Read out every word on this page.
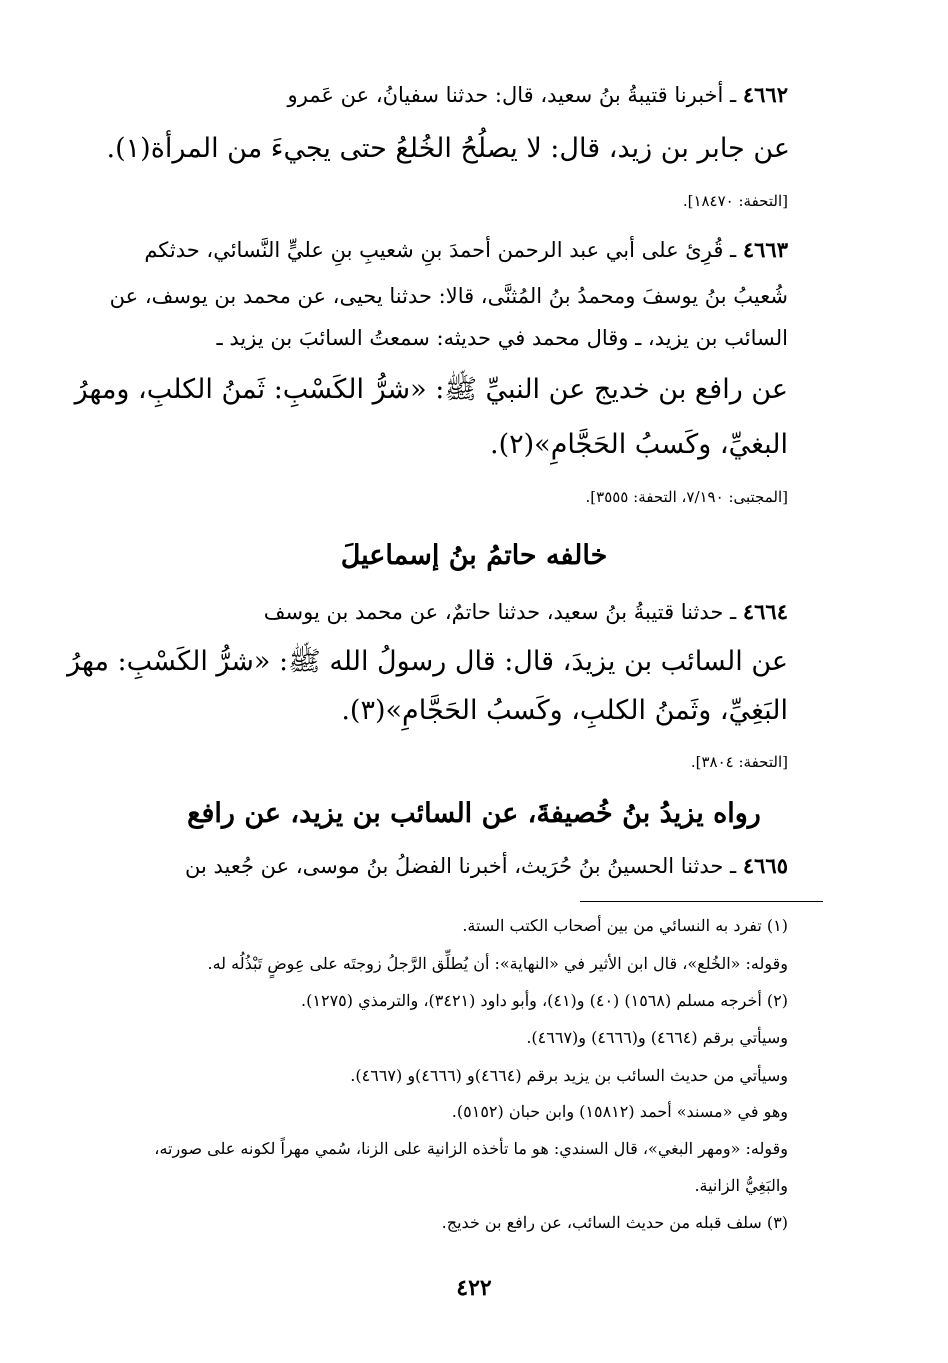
٤٦٦٢ ـ أخبرنا قتيبةُ بنُ سعيد، قال: حدثنا سفيانُ، عن عَمرو
عن جابر بن زيد، قال: لا يصلُحُ الخُلعُ حتى يجيءَ من المرأة(١).
[التحفة: ١٨٤٧٠].
٤٦٦٣ ـ قُرِئ على أبي عبد الرحمن أحمدَ بنِ شعيبِ بنِ عليٍّ النَّسائي، حدثكم
شُعيبُ بنُ يوسفَ ومحمدُ بنُ المُثنَّى، قالا: حدثنا يحيى، عن محمد بن يوسف، عن
السائب بن يزيد، ـ وقال محمد في حديثه: سمعتُ السائبَ بن يزيد ـ
عن رافع بن خديج عن النبيِّ ﷺ: «شرُّ الكَسْبِ: ثَمنُ الكلبِ، ومهرُ
البغيِّ، وكَسبُ الحَجَّامِ»(٢).
[المجتبى: ٧/١٩٠، التحفة: ٣٥٥٥].
خالفه حاتمُ بنُ إسماعيلَ
٤٦٦٤ ـ حدثنا قتيبةُ بنُ سعيد، حدثنا حاتمٌ، عن محمد بن يوسف
عن السائب بن يزيدَ، قال: قال رسولُ الله ﷺ: «شرُّ الكَسْبِ: مهرُ
البَغِيِّ، وثَمنُ الكلبِ، وكَسبُ الحَجَّامِ»(٣).
[التحفة: ٣٨٠٤].
رواه يزيدُ بنُ خُصيفةَ، عن السائب بن يزيد، عن رافع
٤٦٦٥ ـ حدثنا الحسينُ بنُ حُرَيث، أخبرنا الفضلُ بنُ موسى، عن جُعيد بن
(١) تفرد به النسائي من بين أصحاب الكتب الستة.
وقوله: «الخُلع»، قال ابن الأثير في «النهاية»: أن يُطلِّق الرَّجلُ زوجتَه على عِوضٍ تَبْذُلُه له.
(٢) أخرجه مسلم (١٥٦٨) (٤٠) و(٤١)، وأبو داود (٣٤٢١)، والترمذي (١٢٧٥).
وسيأتي برقم (٤٦٦٤) و(٤٦٦٦) و(٤٦٦٧).
وسيأتي من حديث السائب بن يزيد برقم (٤٦٦٤)و (٤٦٦٦)و (٤٦٦٧).
وهو في «مسند» أحمد (١٥٨١٢) وابن حبان (٥١٥٢).
وقوله: «ومهر البغي»، قال السندي: هو ما تأخذه الزانية على الزنا، سُمي مهراً لكونه على صورته،
والبَغِيُّ الزانية.
(٣) سلف قبله من حديث السائب، عن رافع بن خديج.
٤٢٢
